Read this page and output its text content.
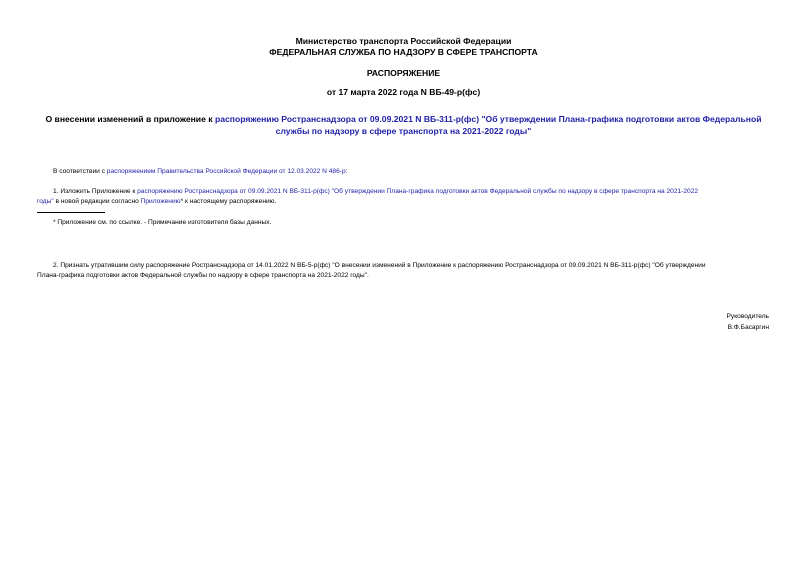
Министерство транспорта Российской Федерации
ФЕДЕРАЛЬНАЯ СЛУЖБА ПО НАДЗОРУ В СФЕРЕ ТРАНСПОРТА
РАСПОРЯЖЕНИЕ
от 17 марта 2022 года N ВБ-49-р(фс)
О внесении изменений в приложение к распоряжению Ространснадзора от 09.09.2021 N ВБ-311-р(фс) "Об утверждении Плана-графика подготовки актов Федеральной службы по надзору в сфере транспорта на 2021-2022 годы"
В соответствии с распоряжением Правительства Российской Федерации от 12.03.2022 N 486-р:
1. Изложить Приложение к распоряжению Ространснадзора от 09.09.2021 N ВБ-311-р(фс) "Об утверждении Плана-графика подготовки актов Федеральной службы по надзору в сфере транспорта на 2021-2022
годы" в новой редакции согласно Приложению* к настоящему распоряжению.
* Приложение см. по ссылке. - Примечание изготовителя базы данных.
2. Признать утратившим силу распоряжение Ространснадзора от 14.01.2022 N ВБ-5-р(фс) "О внесении изменений в Приложение к распоряжению Ространснадзора от 09.09.2021 N ВБ-311-р(фс) "Об утверждении
Плана-графика подготовки актов Федеральной службы по надзору в сфере транспорта на 2021-2022 годы".
Руководитель
В.Ф.Басаргин
